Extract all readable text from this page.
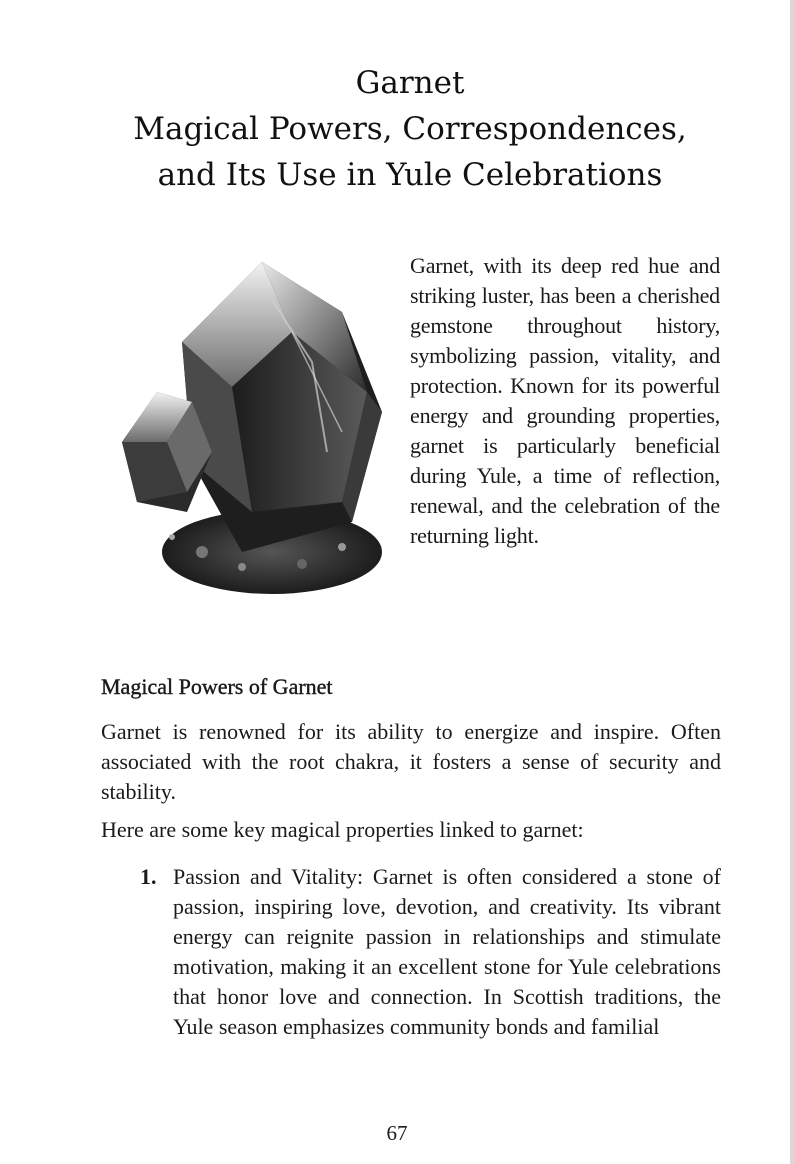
Garnet
Magical Powers, Correspondences,
and Its Use in Yule Celebrations

Garnet, with its deep red hue and striking luster, has been a cherished gemstone throughout history, symbolizing passion, vitality, and protection. Known for its powerful energy and grounding properties, garnet is particularly beneficial during Yule, a time of reflection, renewal, and the celebration of the returning light.

Magical Powers of Garnet

Garnet is renowned for its ability to energize and inspire. Often associated with the root chakra, it fosters a sense of security and stability.

Here are some key magical properties linked to garnet:

1. Passion and Vitality: Garnet is often considered a stone of passion, inspiring love, devotion, and creativity. Its vibrant energy can reignite passion in relationships and stimulate motivation, making it an excellent stone for Yule celebrations that honor love and connection. In Scottish traditions, the Yule season emphasizes community bonds and familial
67
